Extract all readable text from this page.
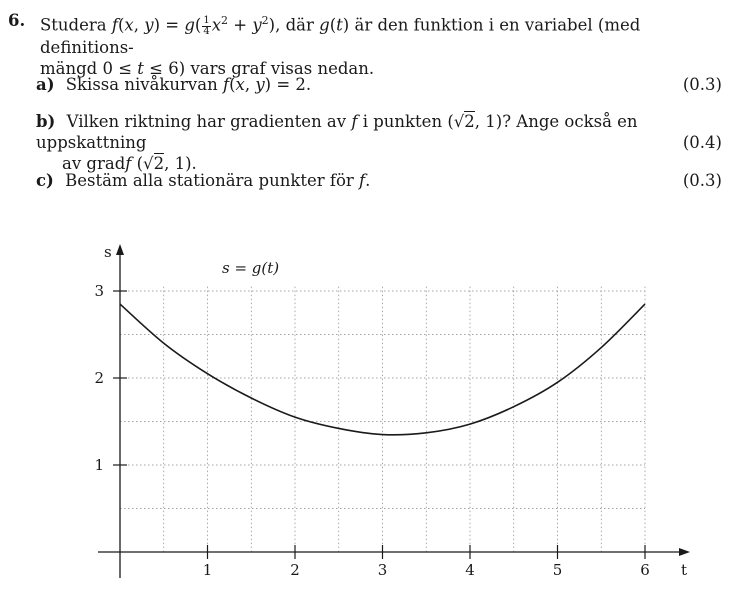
6. Studera f(x, $y) = g( \frac{1}{4} x^2 + y^2)$, där g(t) är den funktion i en variabel (med definitions-
mängd 0 ≤ t ≤ 6) vars graf visas nedan.
a) Skissa nivåkurvan f(x, y) = 2.	(0.3)
b) Vilken riktning har gradienten av f i punkten (√2, 1)? Ange också en uppskattning
av gradf (√2, 1).
(0.4)
c) Bestäm alla stationära punkter för f.	(0.3)
1	2	3	4	5	6
1
2
3
s
t
s = g(t)
